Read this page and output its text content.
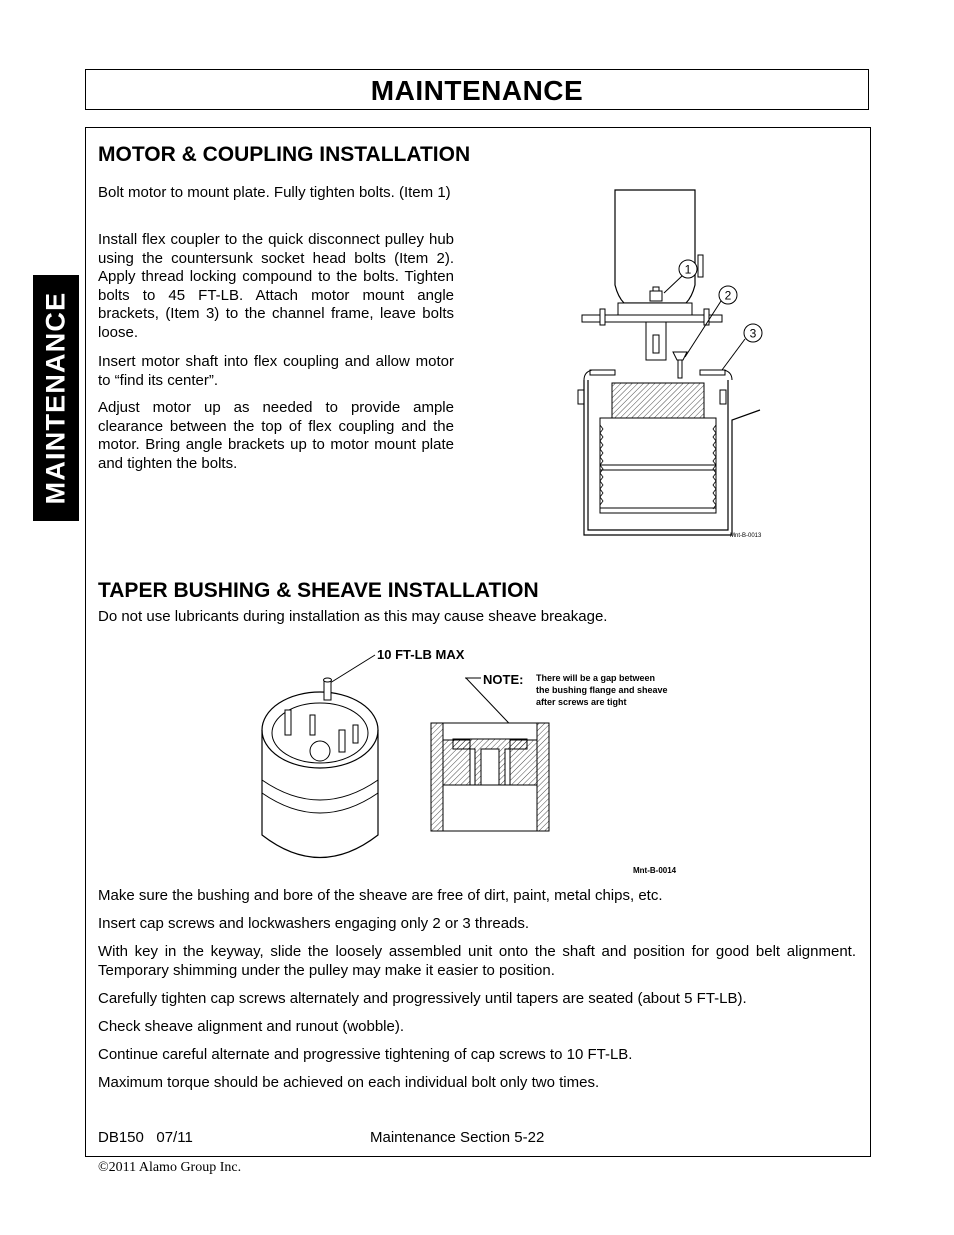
MAINTENANCE
MAINTENANCE
MOTOR & COUPLING INSTALLATION

Bolt motor to mount plate. Fully tighten bolts. (Item 1)

Install flex coupler to the quick disconnect pulley hub using the countersunk socket head bolts (Item 2). Apply thread locking compound to the bolts. Tighten bolts to 45 FT-LB. Attach motor mount angle brackets, (Item 3) to the channel frame, leave bolts loose.

Insert motor shaft into flex coupling and allow motor to “find its center”.

Adjust motor up as needed to provide ample clearance between the top of flex coupling and the motor. Bring angle brackets up to motor mount plate and tighten the bolts.

1
2
3
Mnt-B-0013
TAPER BUSHING & SHEAVE INSTALLATION

Do not use lubricants during installation as this may cause sheave breakage.

10 FT-LB MAX
NOTE: There will be a gap between
the bushing flange and sheave
after screws are tight
Mnt-B-0014

Make sure the bushing and bore of the sheave are free of dirt, paint, metal chips, etc.

Insert cap screws and lockwashers engaging only 2 or 3 threads.

With key in the keyway, slide the loosely assembled unit onto the shaft and position for good belt alignment. Temporary shimming under the pulley may make it easier to position.

Carefully tighten cap screws alternately and progressively until tapers are seated (about 5 FT-LB).

Check sheave alignment and runout (wobble).

Continue careful alternate and progressive tightening of cap screws to 10 FT-LB.

Maximum torque should be achieved on each individual bolt only two times.

DB150   07/11	Maintenance Section 5-22
©2011 Alamo Group Inc.
